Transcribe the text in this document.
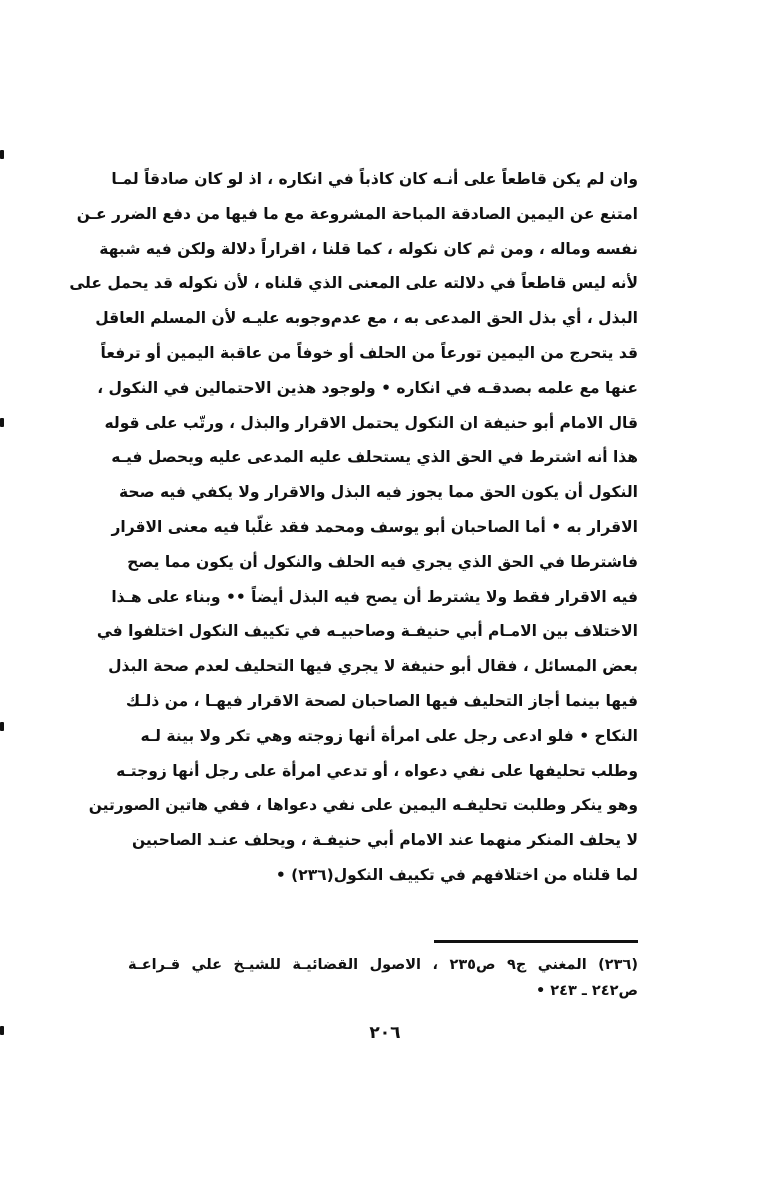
وان لم يكن قاطعاً على أنـه كان كاذباً في انكاره ، اذ لو كان صادقاً لمـا
امتنع عن اليمين الصادقة المباحة المشروعة مع ما فيها من دفع الضرر عـن
نفسه وماله ، ومن ثم كان نكوله ، كما قلنا ، اقراراً دلالة ولكن فيه شبهة
لأنه ليس قاطعاً في دلالته على المعنى الذي قلناه ، لأن نكوله قد يحمل على
البذل ، أي بذل الحق المدعى به ، مع عدم‌وجوبه عليـه لأن المسلم العاقل
قد يتحرج من اليمين تورعاً من الحلف أو خوفاً من عاقبة اليمين أو ترفعاً
عنها مع علمه بصدقـه في انكاره • ولوجود هذين الاحتمالين في النكول ،
قال الامام أبو حنيفة ان النكول يحتمل الاقرار والبذل ، ورتّب على قوله
هذا أنه اشترط في الحق الذي يستحلف عليه المدعى عليه ويحصل فيـه
النكول أن يكون الحق مما يجوز فيه البذل والاقرار ولا يكفي فيه صحة
الاقرار به • أما الصاحبان أبو يوسف ومحمد فقد غلّبا فيه معنى الاقرار
فاشترطا في الحق الذي يجري فيه الحلف والنكول أن يكون مما يصح
فيه الاقرار فقط ولا يشترط أن يصح فيه البذل أيضاً •• وبناء على هـذا
الاختلاف بين الامـام أبي حنيفـة وصاحبيـه في تكييف النكول اختلفوا في
بعض المسائل ، فقال أبو حنيفة لا يجري فيها التحليف لعدم صحة البذل
فيها بينما أجاز التحليف فيها الصاحبان لصحة الاقرار فيهـا ، من ذلـك
النكاح • فلو ادعى رجل على امرأة أنها زوجته وهي تكر ولا بينة لـه
وطلب تحليفها على نفي دعواه ، أو تدعي امرأة على رجل أنها زوجتـه
وهو ينكر وطلبت تحليفـه اليمين على نفي دعواها ، ففي هاتين الصورتين
لا يحلف المنكر منهما عند الامام أبي حنيفـة ، ويحلف عنـد الصاحبين
لما قلناه من اختلافهم في تكييف النكول(٢٣٦) •
(٢٣٦) المغني ج٩ ص٢٣٥ ، الاصول القضائيـة للشيـخ علي قـراعـة
ص٢٤٢ ـ ٢٤٣ •
٢٠٦
